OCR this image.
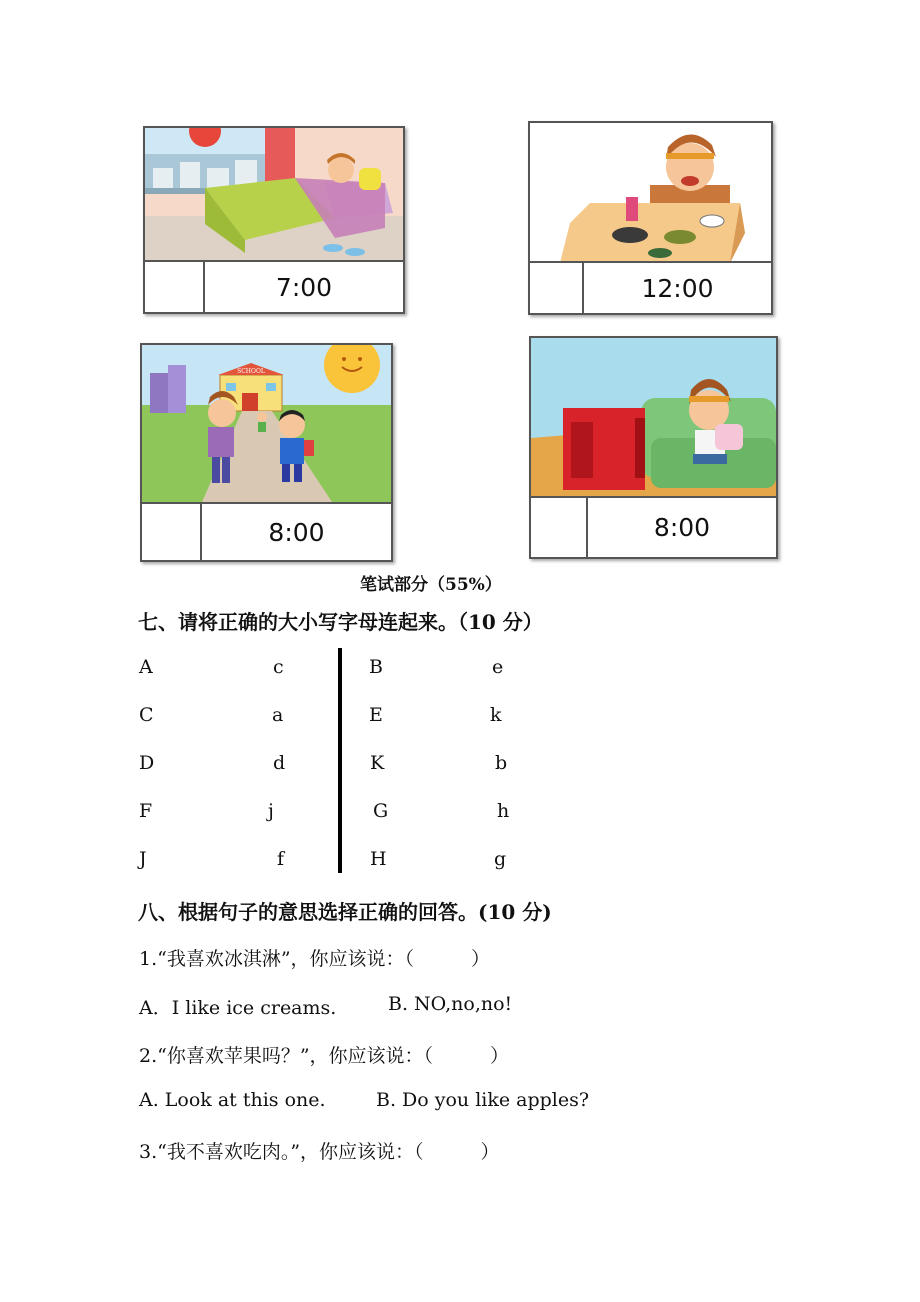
7:00	12:00
SCHOOL
8:00	8:00
笔试部分（55%）
七、请将正确的大小写字母连起来。（10 分）
A	c
C	a
D	d
F	j
J	f
B	e
E	k
K	b
G	h
H	g
八、根据句子的意思选择正确的回答。(10 分)
1.“我喜欢冰淇淋”，你应该说：（　　　）
A．I like ice creams.	B. NO,no,no!
2.“你喜欢苹果吗？”，你应该说：（　　　）
A. Look at this one.	B. Do you like apples?
3.“我不喜欢吃肉。”，你应该说：（　　　）
